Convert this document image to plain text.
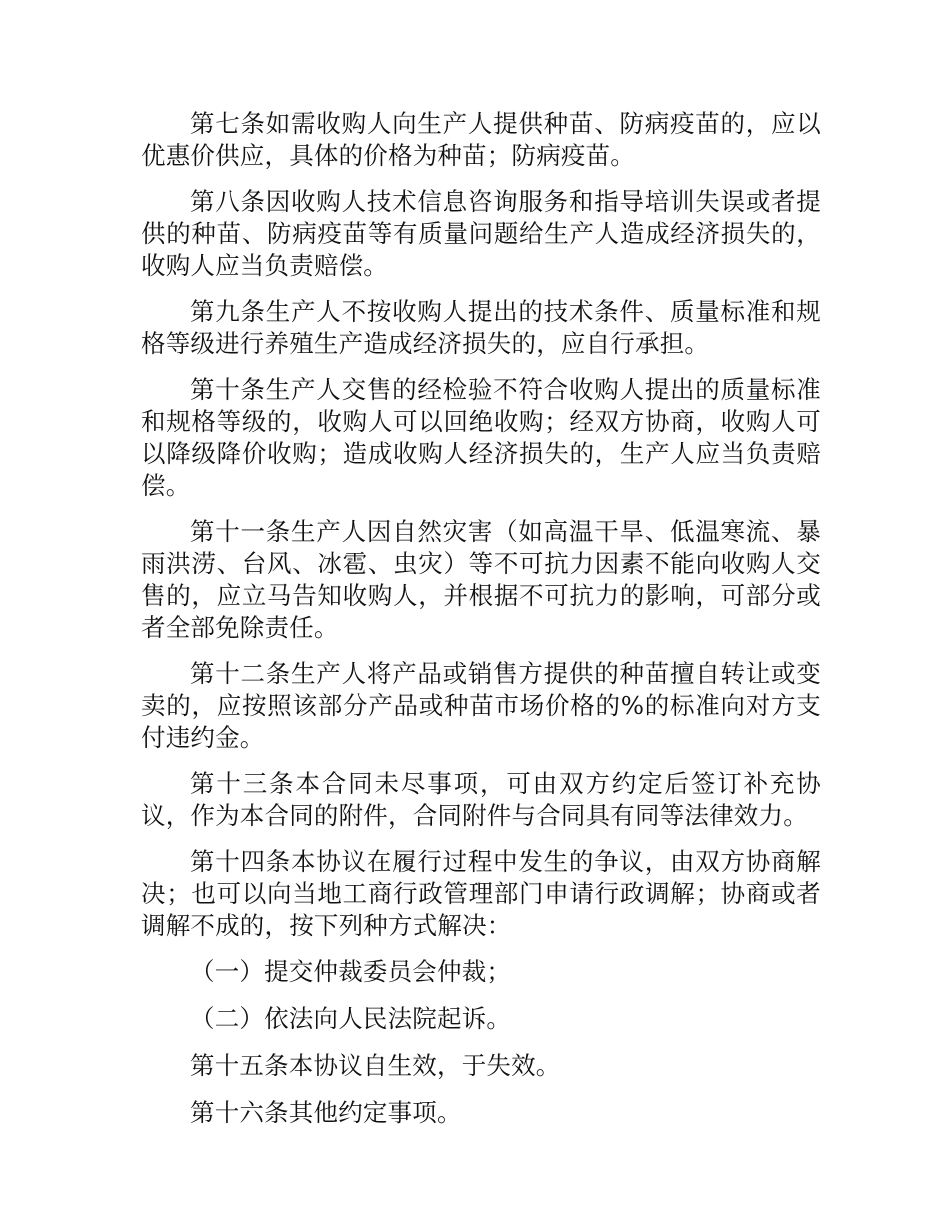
第七条如需收购人向生产人提供种苗、防病疫苗的，应以优惠价供应，具体的价格为种苗；防病疫苗。

第八条因收购人技术信息咨询服务和指导培训失误或者提供的种苗、防病疫苗等有质量问题给生产人造成经济损失的，收购人应当负责赔偿。

第九条生产人不按收购人提出的技术条件、质量标准和规格等级进行养殖生产造成经济损失的，应自行承担。

第十条生产人交售的经检验不符合收购人提出的质量标准和规格等级的，收购人可以回绝收购；经双方协商，收购人可以降级降价收购；造成收购人经济损失的，生产人应当负责赔偿。

第十一条生产人因自然灾害（如高温干旱、低温寒流、暴雨洪涝、台风、冰雹、虫灾）等不可抗力因素不能向收购人交售的，应立马告知收购人，并根据不可抗力的影响，可部分或者全部免除责任。

第十二条生产人将产品或销售方提供的种苗擅自转让或变卖的，应按照该部分产品或种苗市场价格的%的标准向对方支付违约金。

第十三条本合同未尽事项，可由双方约定后签订补充协议，作为本合同的附件，合同附件与合同具有同等法律效力。

第十四条本协议在履行过程中发生的争议，由双方协商解决；也可以向当地工商行政管理部门申请行政调解；协商或者调解不成的，按下列种方式解决：

（一）提交仲裁委员会仲裁；

（二）依法向人民法院起诉。

第十五条本协议自生效，于失效。

第十六条其他约定事项。
